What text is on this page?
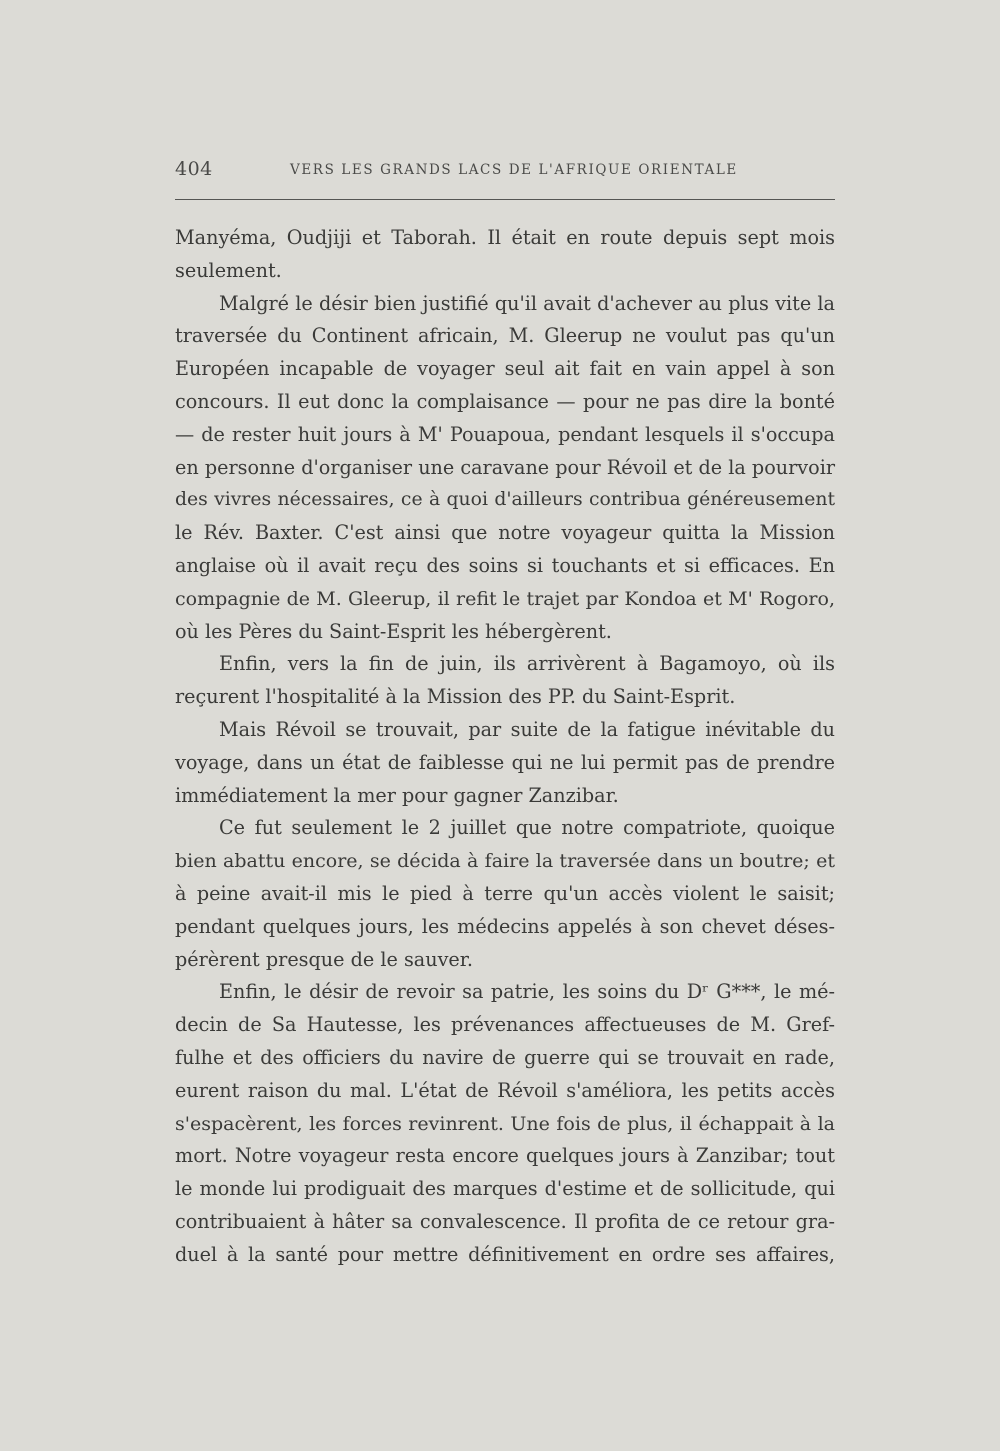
404	VERS LES GRANDS LACS DE L'AFRIQUE ORIENTALE
Manyéma, Oudjiji et Taborah. Il était en route depuis sept mois
seulement.
Malgré le désir bien justifié qu'il avait d'achever au plus vite la
traversée du Continent africain, M. Gleerup ne voulut pas qu'un
Européen incapable de voyager seul ait fait en vain appel à son
concours. Il eut donc la complaisance — pour ne pas dire la bonté
— de rester huit jours à M' Pouapoua, pendant lesquels il s'occupa
en personne d'organiser une caravane pour Révoil et de la pourvoir
des vivres nécessaires, ce à quoi d'ailleurs contribua généreusement
le Rév. Baxter. C'est ainsi que notre voyageur quitta la Mission
anglaise où il avait reçu des soins si touchants et si efficaces. En
compagnie de M. Gleerup, il refit le trajet par Kondoa et M' Rogoro,
où les Pères du Saint-Esprit les hébergèrent.
Enfin, vers la fin de juin, ils arrivèrent à Bagamoyo, où ils
reçurent l'hospitalité à la Mission des PP. du Saint-Esprit.
Mais Révoil se trouvait, par suite de la fatigue inévitable du
voyage, dans un état de faiblesse qui ne lui permit pas de prendre
immédiatement la mer pour gagner Zanzibar.
Ce fut seulement le 2 juillet que notre compatriote, quoique
bien abattu encore, se décida à faire la traversée dans un boutre; et
à peine avait-il mis le pied à terre qu'un accès violent le saisit;
pendant quelques jours, les médecins appelés à son chevet déses-
pérèrent presque de le sauver.
Enfin, le désir de revoir sa patrie, les soins du Dʳ G***, le mé-
decin de Sa Hautesse, les prévenances affectueuses de M. Gref-
fulhe et des officiers du navire de guerre qui se trouvait en rade,
eurent raison du mal. L'état de Révoil s'améliora, les petits accès
s'espacèrent, les forces revinrent. Une fois de plus, il échappait à la
mort. Notre voyageur resta encore quelques jours à Zanzibar; tout
le monde lui prodiguait des marques d'estime et de sollicitude, qui
contribuaient à hâter sa convalescence. Il profita de ce retour gra-
duel à la santé pour mettre définitivement en ordre ses affaires,
